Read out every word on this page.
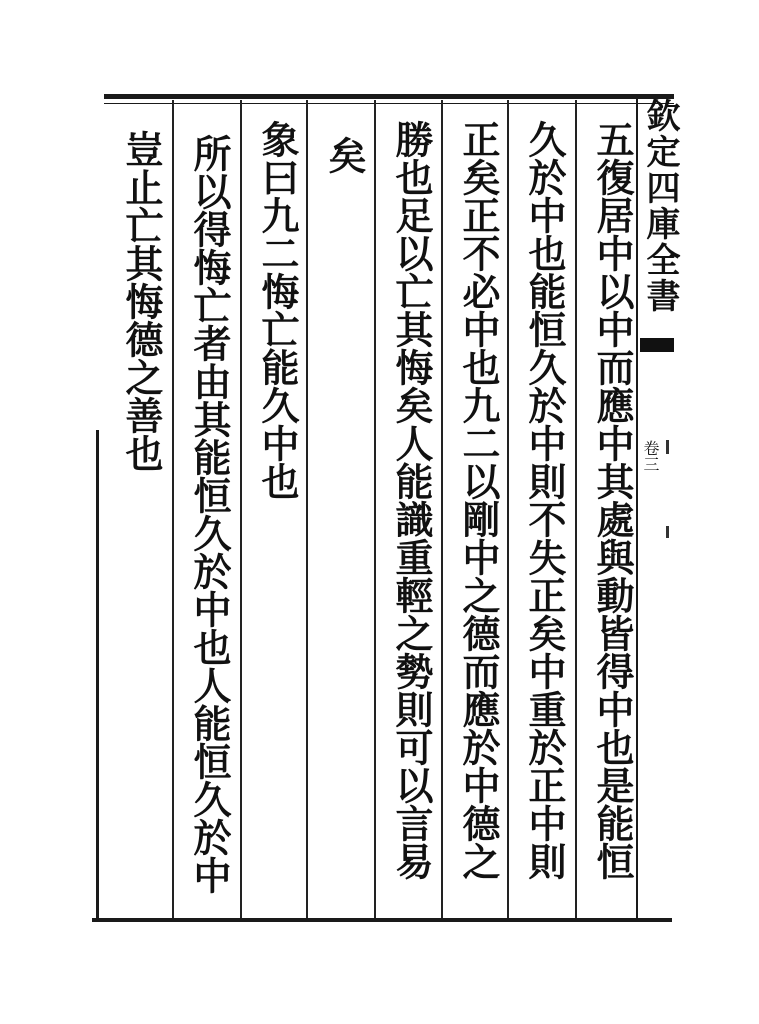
欽定四庫全書
卷三
五復居中以中而應中其處與動皆得中也是能恒
久於中也能恒久於中則不失正矣中重於正中則
正矣正不必中也九二以剛中之德而應於中德之
勝也足以亡其悔矣人能識重輕之勢則可以言易
矣
象曰九二悔亡能久中也
所以得悔亡者由其能恒久於中也人能恒久於中
豈止亡其悔德之善也
